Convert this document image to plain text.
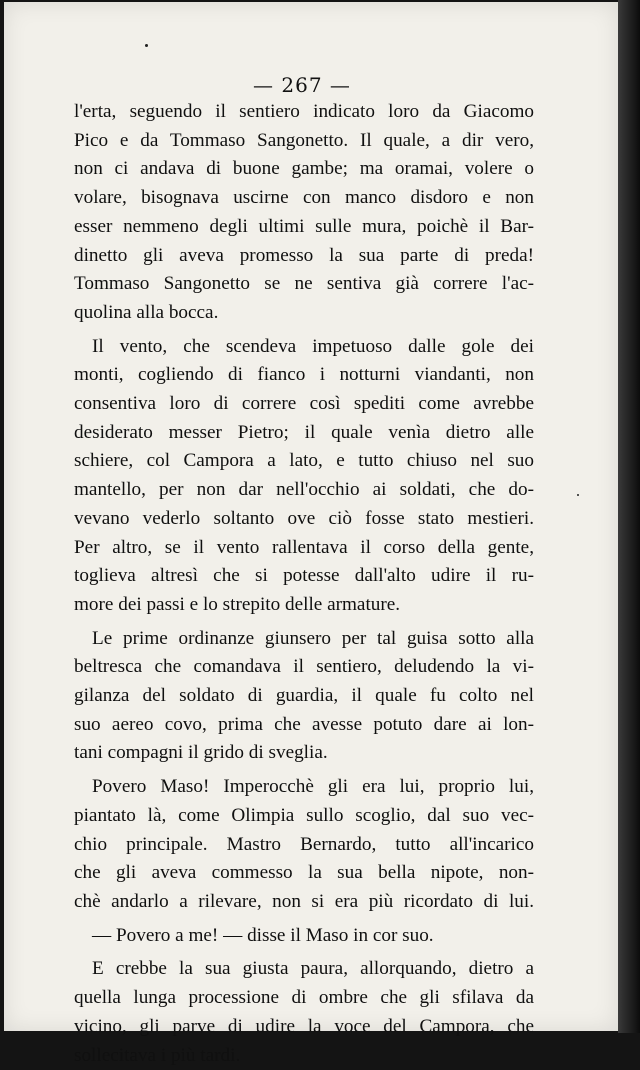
— 267 —
l'erta, seguendo il sentiero indicato loro da Giacomo
Pico e da Tommaso Sangonetto. Il quale, a dir vero,
non ci andava di buone gambe; ma oramai, volere o
volare, bisognava uscirne con manco disdoro e non
esser nemmeno degli ultimi sulle mura, poichè il Bar-
dinetto gli aveva promesso la sua parte di preda!
Tommaso Sangonetto se ne sentiva già correre l'ac-
quolina alla bocca.
Il vento, che scendeva impetuoso dalle gole dei
monti, cogliendo di fianco i notturni viandanti, non
consentiva loro di correre così spediti come avrebbe
desiderato messer Pietro; il quale venìa dietro alle
schiere, col Campora a lato, e tutto chiuso nel suo
mantello, per non dar nell'occhio ai soldati, che do-
vevano vederlo soltanto ove ciò fosse stato mestieri.
Per altro, se il vento rallentava il corso della gente,
toglieva altresì che si potesse dall'alto udire il ru-
more dei passi e lo strepito delle armature.
Le prime ordinanze giunsero per tal guisa sotto alla
beltresca che comandava il sentiero, deludendo la vi-
gilanza del soldato di guardia, il quale fu colto nel
suo aereo covo, prima che avesse potuto dare ai lon-
tani compagni il grido di sveglia.
Povero Maso! Imperocchè gli era lui, proprio lui,
piantato là, come Olimpia sullo scoglio, dal suo vec-
chio principale. Mastro Bernardo, tutto all'incarico
che gli aveva commesso la sua bella nipote, non-
chè andarlo a rilevare, non si era più ricordato di lui.
— Povero a me! — disse il Maso in cor suo.
E crebbe la sua giusta paura, allorquando, dietro a
quella lunga processione di ombre che gli sfilava da
vicino, gli parve di udire la voce del Campora, che
sollecitava i più tardi.
